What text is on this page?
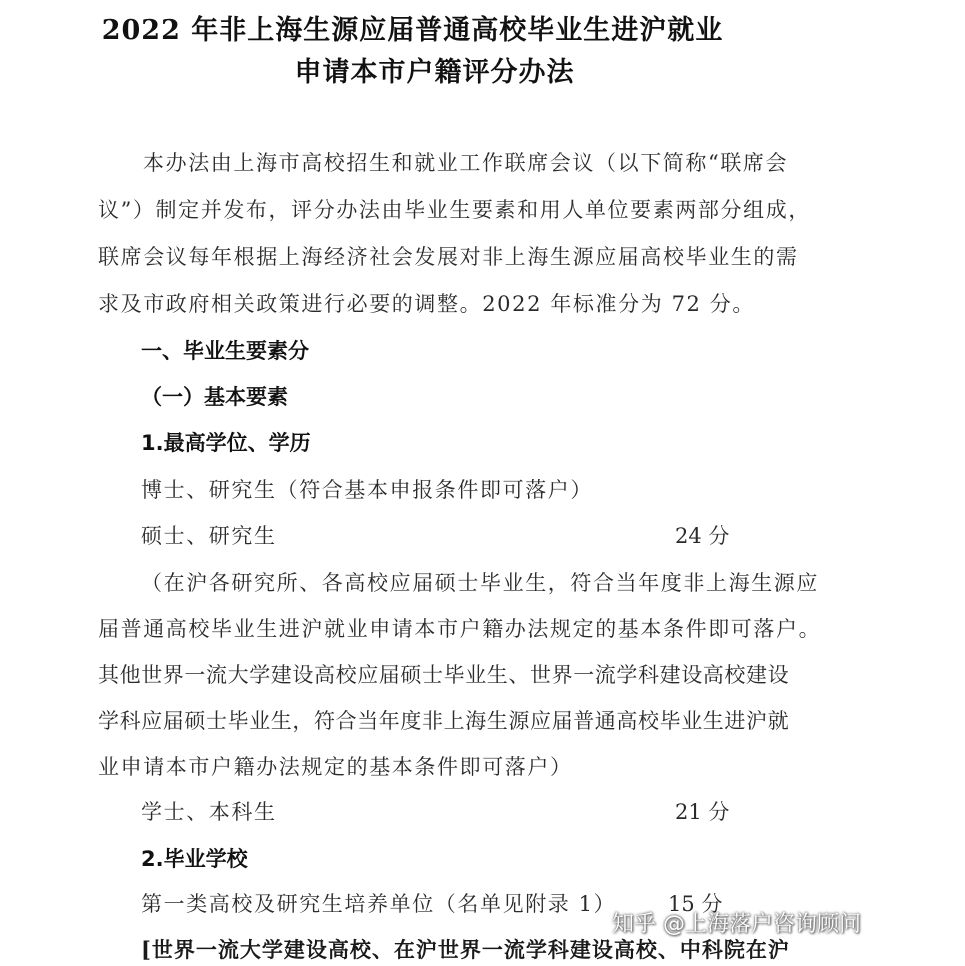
2022 年非上海生源应届普通高校毕业生进沪就业
申请本市户籍评分办法
本办法由上海市高校招生和就业工作联席会议（以下简称“联席会
议”）制定并发布，评分办法由毕业生要素和用人单位要素两部分组成，
联席会议每年根据上海经济社会发展对非上海生源应届高校毕业生的需
求及市政府相关政策进行必要的调整。2022 年标准分为 72 分。
一、毕业生要素分
（一）基本要素
1.最高学位、学历
博士、研究生（符合基本申报条件即可落户）
硕士、研究生	24 分
（在沪各研究所、各高校应届硕士毕业生，符合当年度非上海生源应
届普通高校毕业生进沪就业申请本市户籍办法规定的基本条件即可落户。
其他世界一流大学建设高校应届硕士毕业生、世界一流学科建设高校建设
学科应届硕士毕业生，符合当年度非上海生源应届普通高校毕业生进沪就
业申请本市户籍办法规定的基本条件即可落户）
学士、本科生	21 分
2.毕业学校
第一类高校及研究生培养单位（名单见附录 1） 15 分
[世界一流大学建设高校、在沪世界一流学科建设高校、中科院在沪
知乎 @上海落户咨询顾问
